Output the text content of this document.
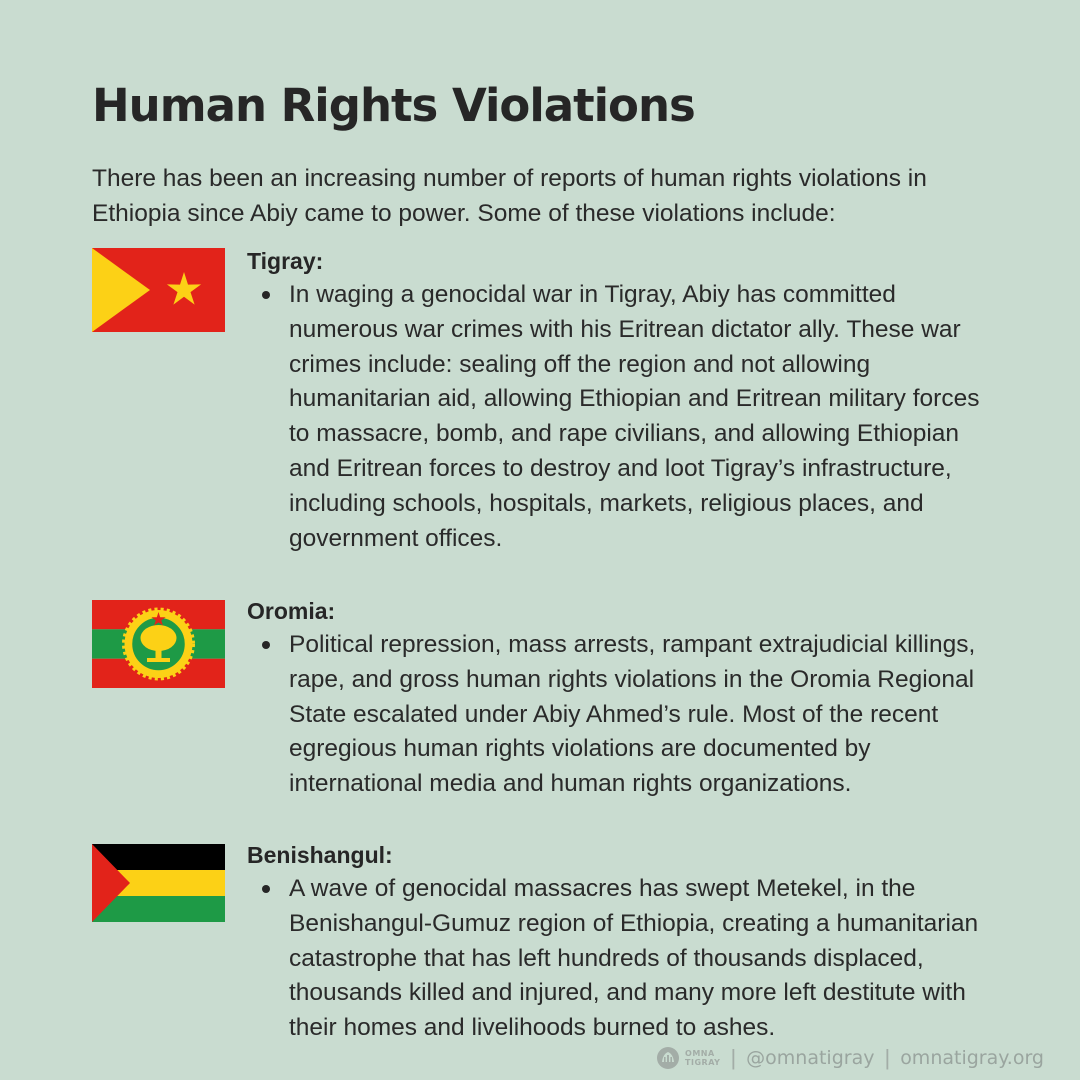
Human Rights Violations

There has been an increasing number of reports of human rights violations in Ethiopia since Abiy came to power. Some of these violations include:

Tigray:
In waging a genocidal war in Tigray, Abiy has committed numerous war crimes with his Eritrean dictator ally. These war crimes include: sealing off the region and not allowing humanitarian aid, allowing Ethiopian and Eritrean military forces to massacre, bomb, and rape civilians, and allowing Ethiopian and Eritrean forces to destroy and loot Tigray’s infrastructure, including schools, hospitals, markets, religious places, and government offices.
Oromia:
Political repression, mass arrests, rampant extrajudicial killings, rape, and gross human rights violations in the Oromia Regional State escalated under Abiy Ahmed’s rule. Most of the recent egregious human rights violations are documented by international media and human rights organizations.
Benishangul:
A wave of genocidal massacres has swept Metekel, in the Benishangul-Gumuz region of Ethiopia, creating a humanitarian catastrophe that has left hundreds of thousands displaced, thousands killed and injured, and many more left destitute with their homes and livelihoods burned to ashes.
OMNA
TIGRAY | @omnatigray | omnatigray.org
